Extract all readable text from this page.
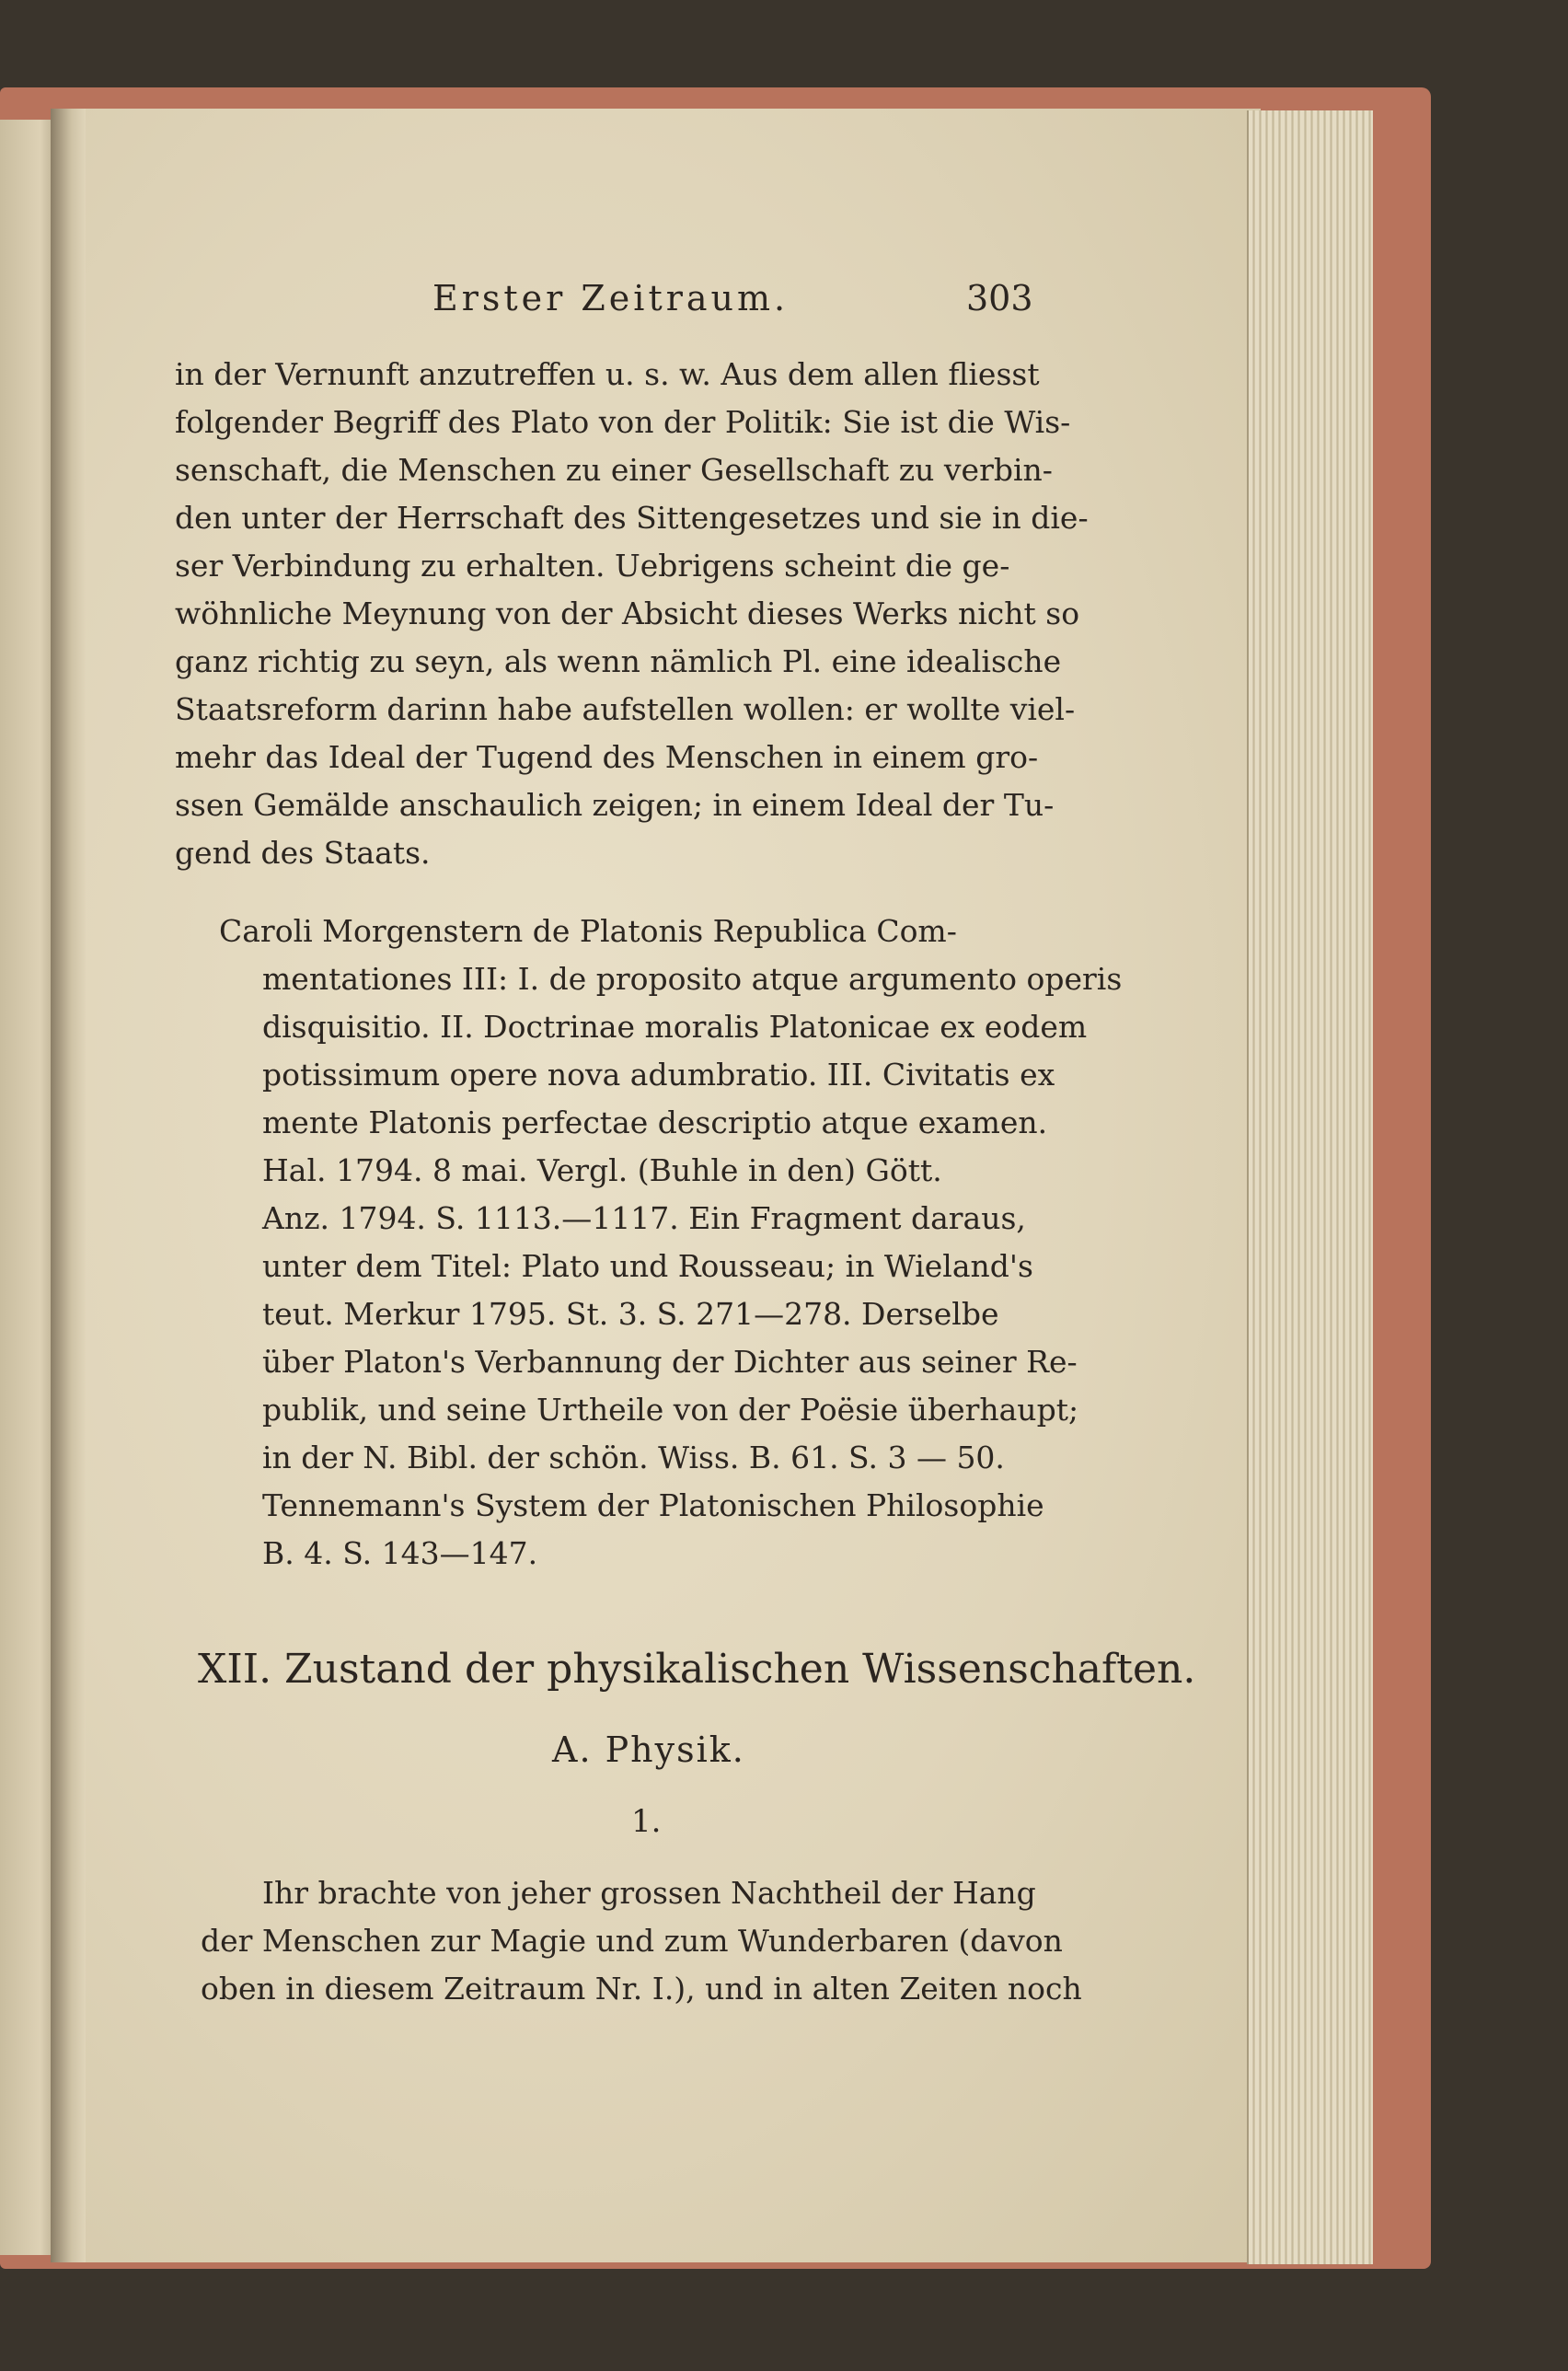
Erster Zeitraum.	303
in der Vernunft anzutreffen u. s. w. Aus dem allen fliesst
folgender Begriff des Plato von der Politik: Sie ist die Wis-
senschaft, die Menschen zu einer Gesellschaft zu verbin-
den unter der Herrschaft des Sittengesetzes und sie in die-
ser Verbindung zu erhalten. Uebrigens scheint die ge-
wöhnliche Meynung von der Absicht dieses Werks nicht so
ganz richtig zu seyn, als wenn nämlich Pl. eine idealische
Staatsreform darinn habe aufstellen wollen: er wollte viel-
mehr das Ideal der Tugend des Menschen in einem gro-
ssen Gemälde anschaulich zeigen; in einem Ideal der Tu-
gend des Staats.
Caroli Morgenstern de Platonis Republica Com-
mentationes III: I. de proposito atque argumento operis
disquisitio. II. Doctrinae moralis Platonicae ex eodem
potissimum opere nova adumbratio. III. Civitatis ex
mente Platonis perfectae descriptio atque examen.
Hal. 1794. 8 mai. Vergl. (Buhle in den) Gött.
Anz. 1794. S. 1113.—1117. Ein Fragment daraus,
unter dem Titel: Plato und Rousseau; in Wieland's
teut. Merkur 1795. St. 3. S. 271—278. Derselbe
über Platon's Verbannung der Dichter aus seiner Re-
publik, und seine Urtheile von der Poësie überhaupt;
in der N. Bibl. der schön. Wiss. B. 61. S. 3 — 50.
Tennemann's System der Platonischen Philosophie
B. 4. S. 143—147.
XII. Zustand der physikalischen Wissenschaften.
A. Physik.
1.
Ihr brachte von jeher grossen Nachtheil der Hang
der Menschen zur Magie und zum Wunderbaren (davon
oben in diesem Zeitraum Nr. I.), und in alten Zeiten noch
